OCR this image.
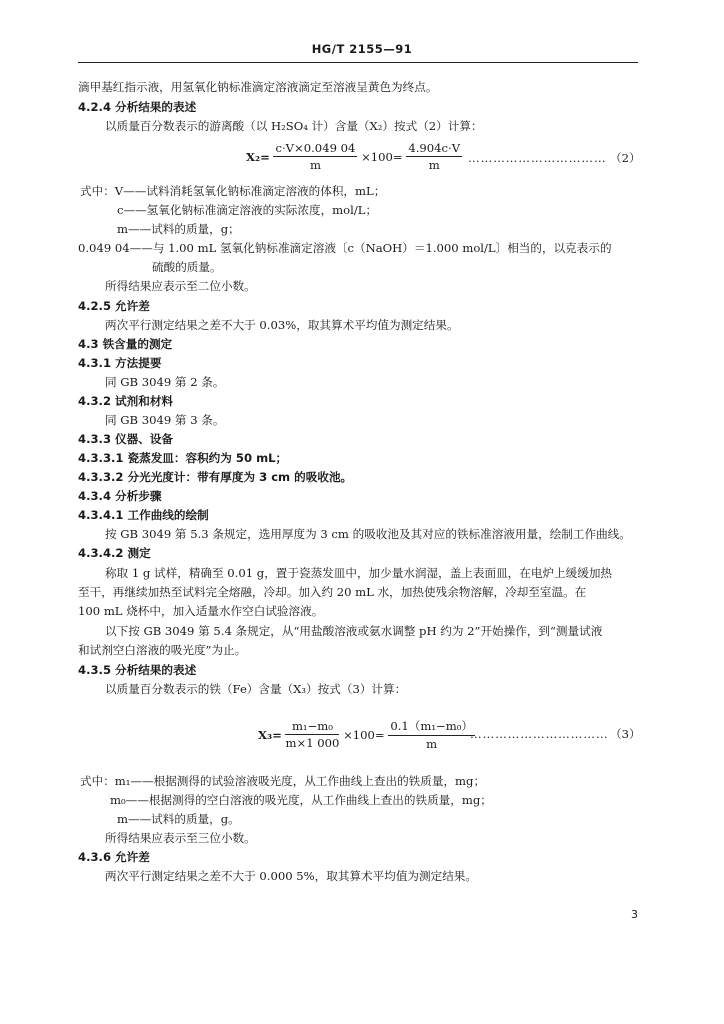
HG/T 2155—91
滴甲基红指示液，用氢氧化钠标准滴定溶液滴定至溶液呈黄色为终点。
4.2.4 分析结果的表述
以质量百分数表示的游离酸（以 H₂SO₄ 计）含量（X₂）按式（2）计算：
$X_2= \frac{c\cdot V\times 0.049 04}{m} \times 100= \frac{4.904c\cdot V}{m}$ …………………………… （2）
式中：V——试料消耗氢氧化钠标准滴定溶液的体积，mL；
c——氢氧化钠标准滴定溶液的实际浓度，mol/L；
m——试料的质量，g；
0.049 04——与 1.00 mL 氢氧化钠标准滴定溶液〔c（NaOH）＝1.000 mol/L〕相当的，以克表示的
硫酸的质量。
所得结果应表示至二位小数。
4.2.5 允许差
两次平行测定结果之差不大于 0.03%，取其算术平均值为测定结果。
4.3 铁含量的测定
4.3.1 方法提要
同 GB 3049 第 2 条。
4.3.2 试剂和材料
同 GB 3049 第 3 条。
4.3.3 仪器、设备
4.3.3.1 瓷蒸发皿：容积约为 50 mL；
4.3.3.2 分光光度计：带有厚度为 3 cm 的吸收池。
4.3.4 分析步骤
4.3.4.1 工作曲线的绘制
按 GB 3049 第 5.3 条规定，选用厚度为 3 cm 的吸收池及其对应的铁标准溶液用量，绘制工作曲线。
4.3.4.2 测定
称取 1 g 试样，精确至 0.01 g，置于瓷蒸发皿中，加少量水润湿，盖上表面皿，在电炉上缓缓加热
至干，再继续加热至试料完全熔融，冷却。加入约 20 mL 水，加热使残余物溶解，冷却至室温。在
100 mL 烧杯中，加入适量水作空白试验溶液。
以下按 GB 3049 第 5.4 条规定，从“用盐酸溶液或氨水调整 pH 约为 2”开始操作，到“测量试液
和试剂空白溶液的吸光度”为止。
4.3.5 分析结果的表述
以质量百分数表示的铁（Fe）含量（X₃）按式（3）计算：
$X_3= \frac{\text{m₁−m₀}}{m\times 1 000} \times 100= \frac{\text{0.1（m₁−m₀）}}{m}$
…………………………… （3）
式中：m₁——根据测得的试验溶液吸光度，从工作曲线上查出的铁质量，mg；
m₀——根据测得的空白溶液的吸光度，从工作曲线上查出的铁质量，mg；
m——试料的质量，g。
所得结果应表示至三位小数。
4.3.6 允许差
两次平行测定结果之差不大于 0.000 5%，取其算术平均值为测定结果。
3
